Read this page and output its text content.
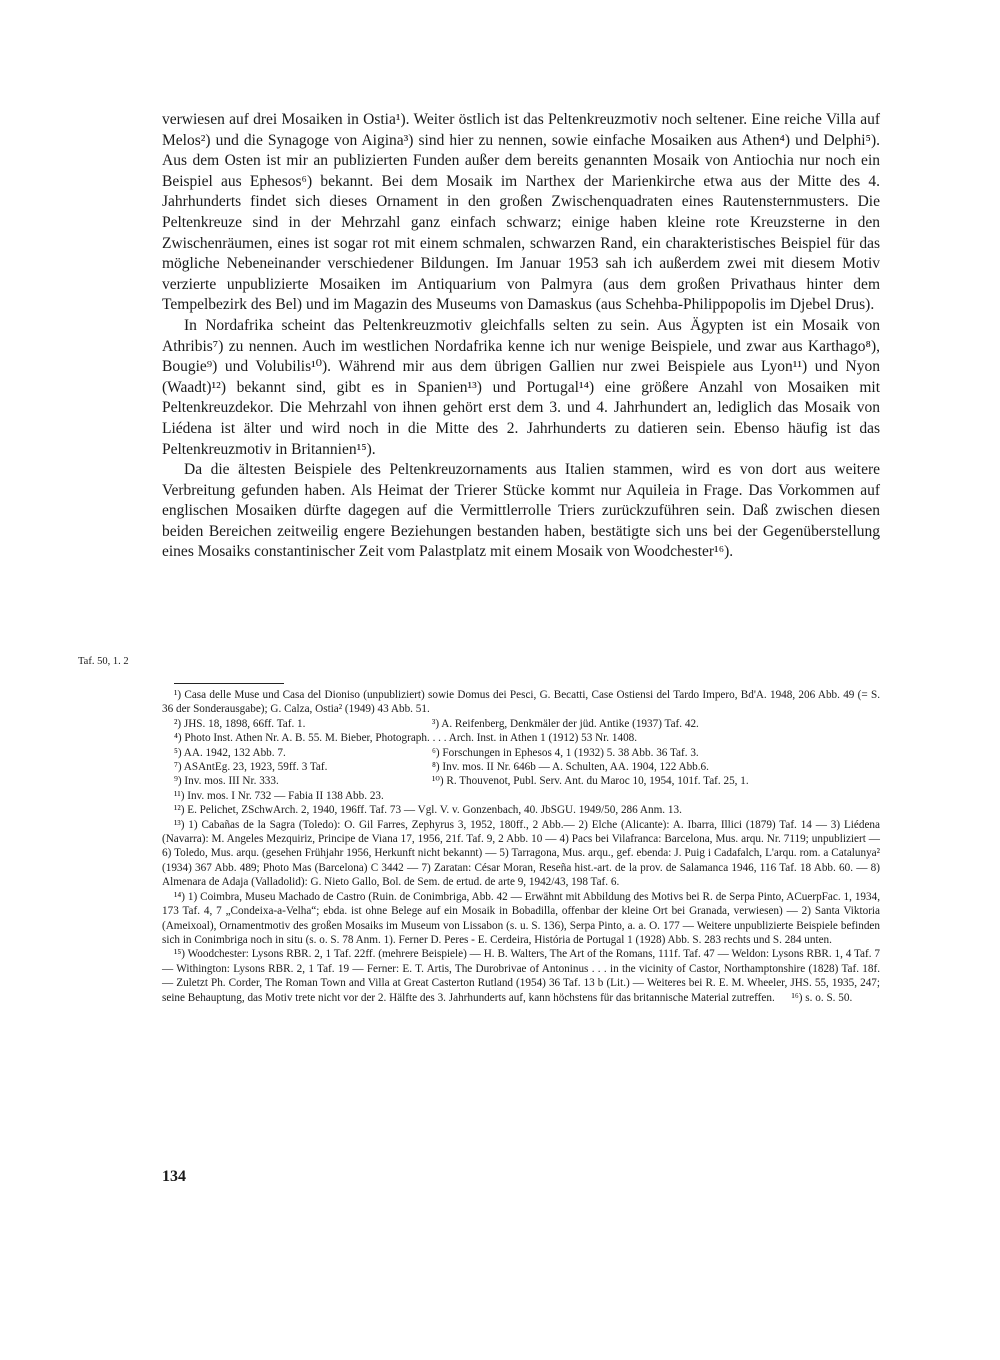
verwiesen auf drei Mosaiken in Ostia¹). Weiter östlich ist das Peltenkreuzmotiv noch seltener. Eine reiche Villa auf Melos²) und die Synagoge von Aigina³) sind hier zu nennen, sowie einfache Mosaiken aus Athen⁴) und Delphi⁵). Aus dem Osten ist mir an publizierten Funden außer dem bereits genannten Mosaik von Antiochia nur noch ein Beispiel aus Ephesos⁶) bekannt. Bei dem Mosaik im Narthex der Marienkirche etwa aus der Mitte des 4. Jahrhunderts findet sich dieses Ornament in den großen Zwischenquadraten eines Rautensternmusters. Die Peltenkreuze sind in der Mehrzahl ganz einfach schwarz; einige haben kleine rote Kreuzsterne in den Zwischenräumen, eines ist sogar rot mit einem schmalen, schwarzen Rand, ein charakteristisches Beispiel für das mögliche Nebeneinander verschiedener Bildungen. Im Januar 1953 sah ich außerdem zwei mit diesem Motiv verzierte unpublizierte Mosaiken im Antiquarium von Palmyra (aus dem großen Privathaus hinter dem Tempelbezirk des Bel) und im Magazin des Museums von Damaskus (aus Schehba-Philippopolis im Djebel Drus).

In Nordafrika scheint das Peltenkreuzmotiv gleichfalls selten zu sein. Aus Ägypten ist ein Mosaik von Athribis⁷) zu nennen. Auch im westlichen Nordafrika kenne ich nur wenige Beispiele, und zwar aus Karthago⁸), Bougie⁹) und Volubilis¹⁰). Während mir aus dem übrigen Gallien nur zwei Beispiele aus Lyon¹¹) und Nyon (Waadt)¹²) bekannt sind, gibt es in Spanien¹³) und Portugal¹⁴) eine größere Anzahl von Mosaiken mit Peltenkreuzdekor. Die Mehrzahl von ihnen gehört erst dem 3. und 4. Jahrhundert an, lediglich das Mosaik von Liédena ist älter und wird noch in die Mitte des 2. Jahrhunderts zu datieren sein. Ebenso häufig ist das Peltenkreuzmotiv in Britannien¹⁵).

Da die ältesten Beispiele des Peltenkreuzornaments aus Italien stammen, wird es von dort aus weitere Verbreitung gefunden haben. Als Heimat der Trierer Stücke kommt nur Aquileia in Frage. Das Vorkommen auf englischen Mosaiken dürfte dagegen auf die Vermittlerrolle Triers zurückzuführen sein. Daß zwischen diesen beiden Bereichen zeitweilig engere Beziehungen bestanden haben, bestätigte sich uns bei der Gegenüberstellung eines Mosaiks constantinischer Zeit vom Palastplatz mit einem Mosaik von Woodchester¹⁶).

Taf. 50, 1. 2

¹) Casa delle Muse und Casa del Dioniso (unpubliziert) sowie Domus dei Pesci, G. Becatti, Case Ostiensi del Tardo Impero, Bd'A. 1948, 206 Abb. 49 (= S. 36 der Sonderausgabe); G. Calza, Ostia² (1949) 43 Abb. 51.

²) JHS. 18, 1898, 66ff. Taf. 1.	³) A. Reifenberg, Denkmäler der jüd. Antike (1937) Taf. 42.

⁴) Photo Inst. Athen Nr. A. B. 55. M. Bieber, Photograph. . . . Arch. Inst. in Athen 1 (1912) 53 Nr. 1408.

⁵) AA. 1942, 132 Abb. 7.	⁶) Forschungen in Ephesos 4, 1 (1932) 5. 38 Abb. 36 Taf. 3.
⁷) ASAntEg. 23, 1923, 59ff. 3 Taf.	⁸) Inv. mos. II Nr. 646b — A. Schulten, AA. 1904, 122 Abb.6.
⁹) Inv. mos. III Nr. 333.	¹⁰) R. Thouvenot, Publ. Serv. Ant. du Maroc 10, 1954, 101f. Taf. 25, 1.

¹¹) Inv. mos. I Nr. 732 — Fabia II 138 Abb. 23.

¹²) E. Pelichet, ZSchwArch. 2, 1940, 196ff. Taf. 73 — Vgl. V. v. Gonzenbach, 40. JbSGU. 1949/50, 286 Anm. 13.

¹³) 1) Cabañas de la Sagra (Toledo): O. Gil Farres, Zephyrus 3, 1952, 180ff., 2 Abb.— 2) Elche (Alicante): A. Ibarra, Illici (1879) Taf. 14 — 3) Liédena (Navarra): M. Angeles Mezquiriz, Principe de Viana 17, 1956, 21f. Taf. 9, 2 Abb. 10 — 4) Pacs bei Vilafranca: Barcelona, Mus. arqu. Nr. 7119; unpubliziert — 6) Toledo, Mus. arqu. (gesehen Frühjahr 1956, Herkunft nicht bekannt) — 5) Tarragona, Mus. arqu., gef. ebenda: J. Puig i Cadafalch, L'arqu. rom. a Catalunya² (1934) 367 Abb. 489; Photo Mas (Barcelona) C 3442 — 7) Zaratan: César Moran, Reseña hist.-art. de la prov. de Salamanca 1946, 116 Taf. 18 Abb. 60. — 8) Almenara de Adaja (Valladolid): G. Nieto Gallo, Bol. de Sem. de ertud. de arte 9, 1942/43, 198 Taf. 6.

¹⁴) 1) Coimbra, Museu Machado de Castro (Ruin. de Conimbriga, Abb. 42 — Erwähnt mit Abbildung des Motivs bei R. de Serpa Pinto, ACuerpFac. 1, 1934, 173 Taf. 4, 7 „Condeixa-a-Velha“; ebda. ist ohne Belege auf ein Mosaik in Bobadilla, offenbar der kleine Ort bei Granada, verwiesen) — 2) Santa Viktoria (Ameixoal), Ornamentmotiv des großen Mosaiks im Museum von Lissabon (s. u. S. 136), Serpa Pinto, a. a. O. 177 — Weitere unpublizierte Beispiele befinden sich in Conimbriga noch in situ (s. o. S. 78 Anm. 1). Ferner D. Peres - E. Cerdeira, História de Portugal 1 (1928) Abb. S. 283 rechts und S. 284 unten.

¹⁵) Woodchester: Lysons RBR. 2, 1 Taf. 22ff. (mehrere Beispiele) — H. B. Walters, The Art of the Romans, 111f. Taf. 47 — Weldon: Lysons RBR. 1, 4 Taf. 7 — Withington: Lysons RBR. 2, 1 Taf. 19 — Ferner: E. T. Artis, The Durobrivae of Antoninus . . . in the vicinity of Castor, Northamptonshire (1828) Taf. 18f. — Zuletzt Ph. Corder, The Roman Town and Villa at Great Casterton Rutland (1954) 36 Taf. 13 b (Lit.) — Weiteres bei R. E. M. Wheeler, JHS. 55, 1935, 247; seine Behauptung, das Motiv trete nicht vor der 2. Hälfte des 3. Jahrhunderts auf, kann höchstens für das britannische Material zutreffen. ¹⁶) s. o. S. 50.

134
